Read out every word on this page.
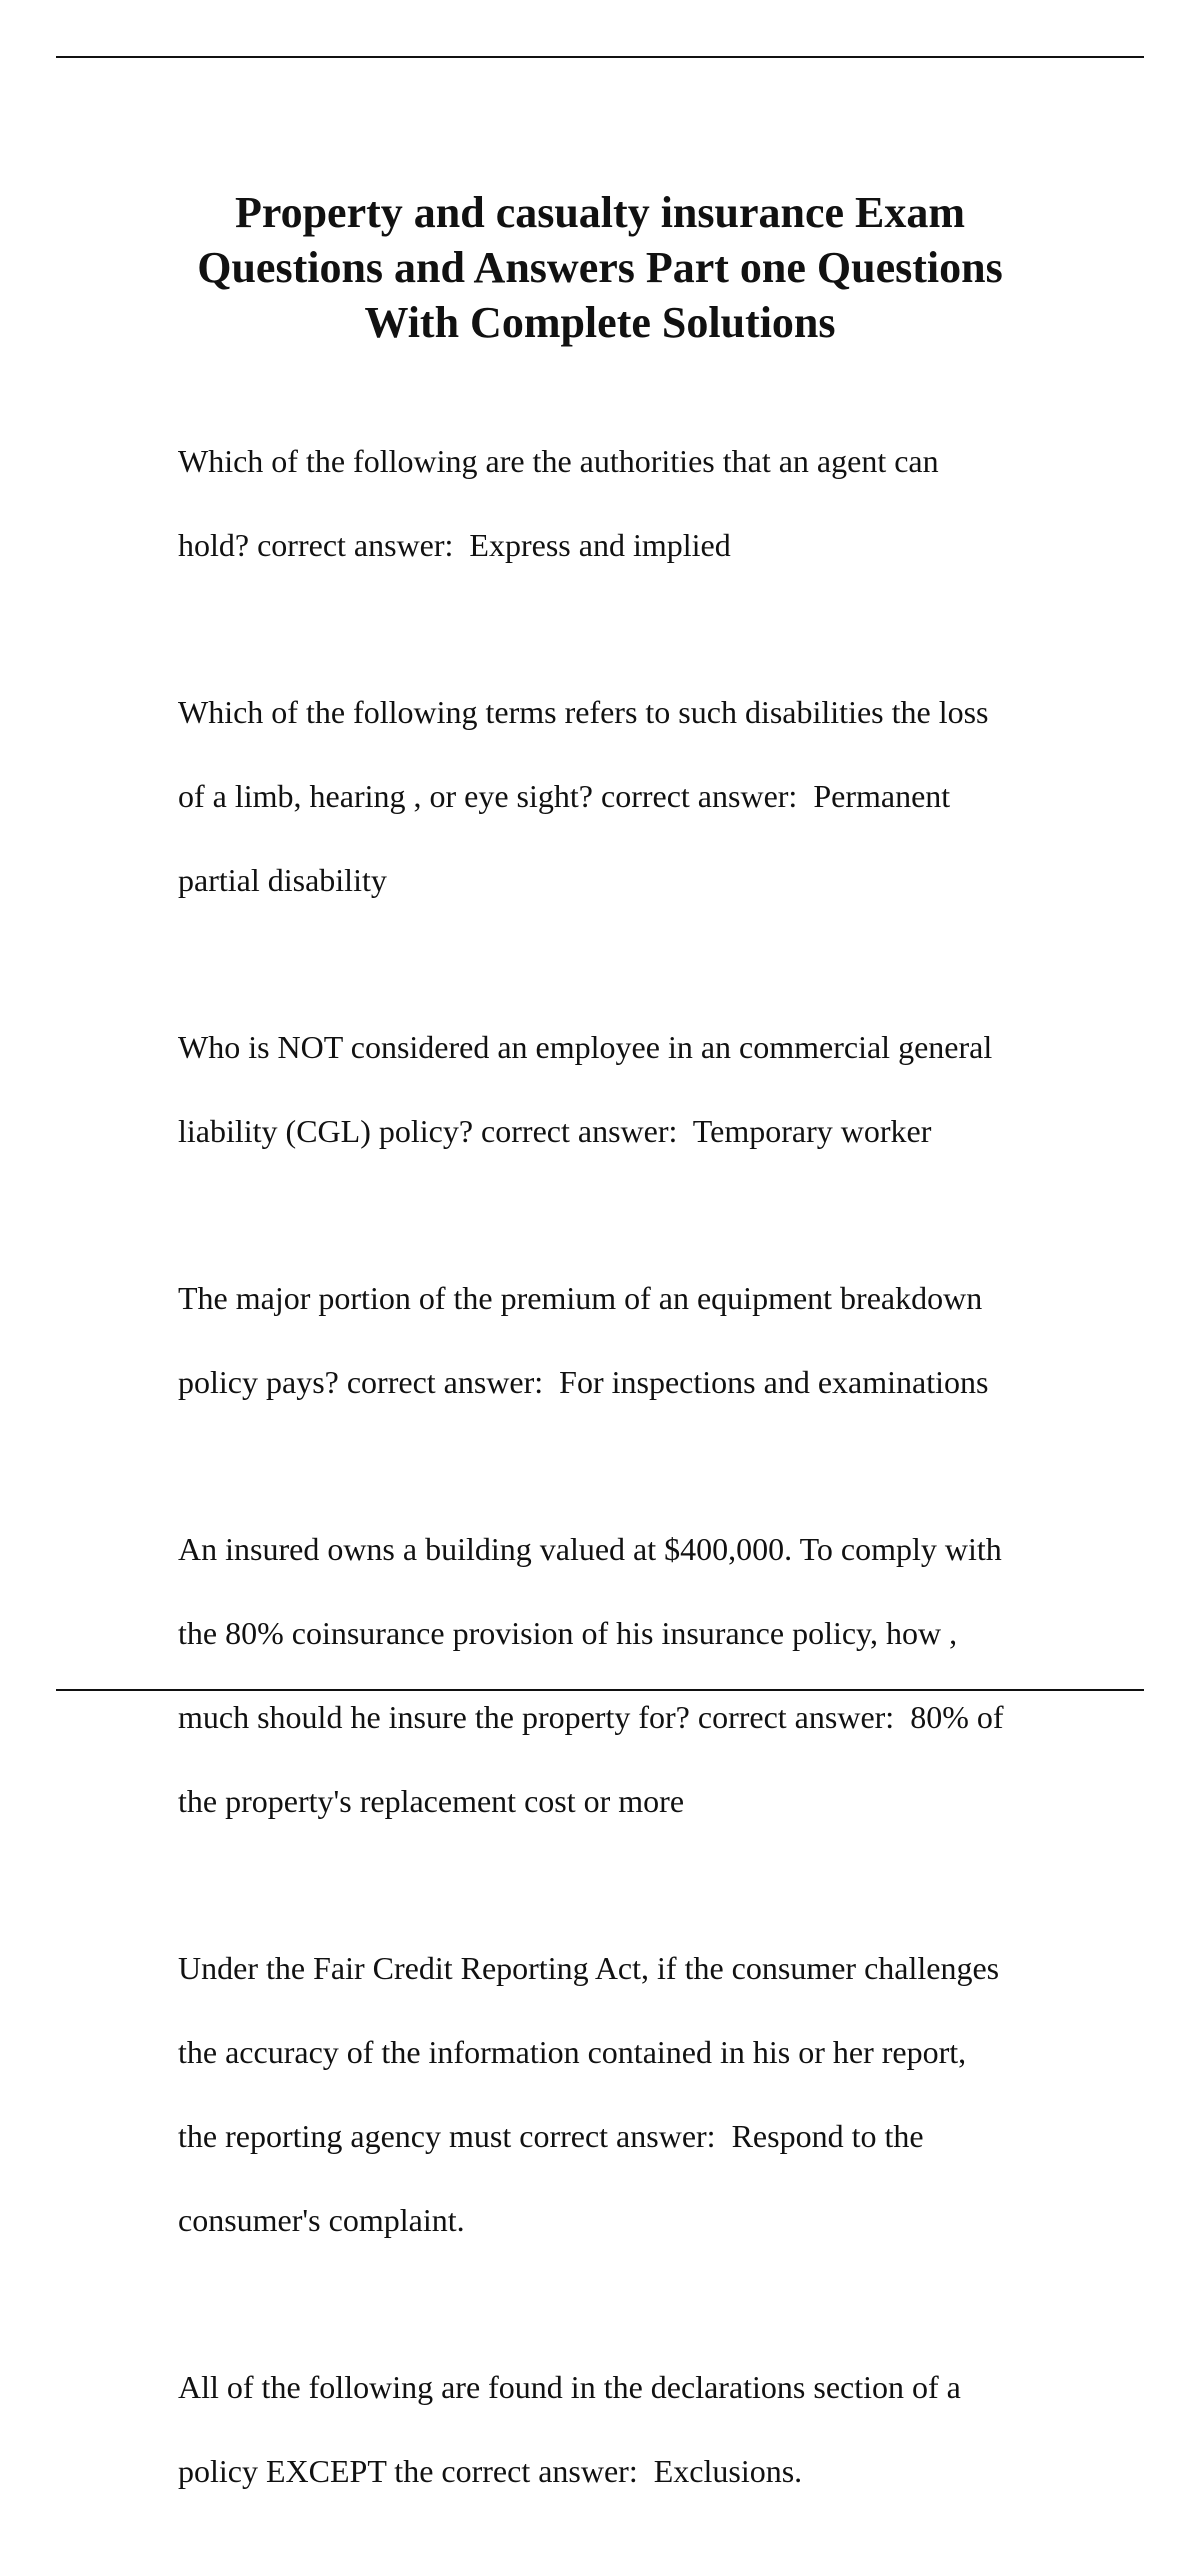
Property and casualty insurance Exam
Questions and Answers Part one Questions
With Complete Solutions

Which of the following are the authorities that an agent can

hold? correct answer:  Express and implied

Which of the following terms refers to such disabilities the loss

of a limb, hearing , or eye sight? correct answer:  Permanent

partial disability

Who is NOT considered an employee in an commercial general

liability (CGL) policy? correct answer:  Temporary worker

The major portion of the premium of an equipment breakdown

policy pays? correct answer:  For inspections and examinations

An insured owns a building valued at $400,000. To comply with

the 80% coinsurance provision of his insurance policy, how ,

much should he insure the property for? correct answer:  80% of

the property's replacement cost or more

Under the Fair Credit Reporting Act, if the consumer challenges

the accuracy of the information contained in his or her report,

the reporting agency must correct answer:  Respond to the

consumer's complaint.

All of the following are found in the declarations section of a

policy EXCEPT the correct answer:  Exclusions.
